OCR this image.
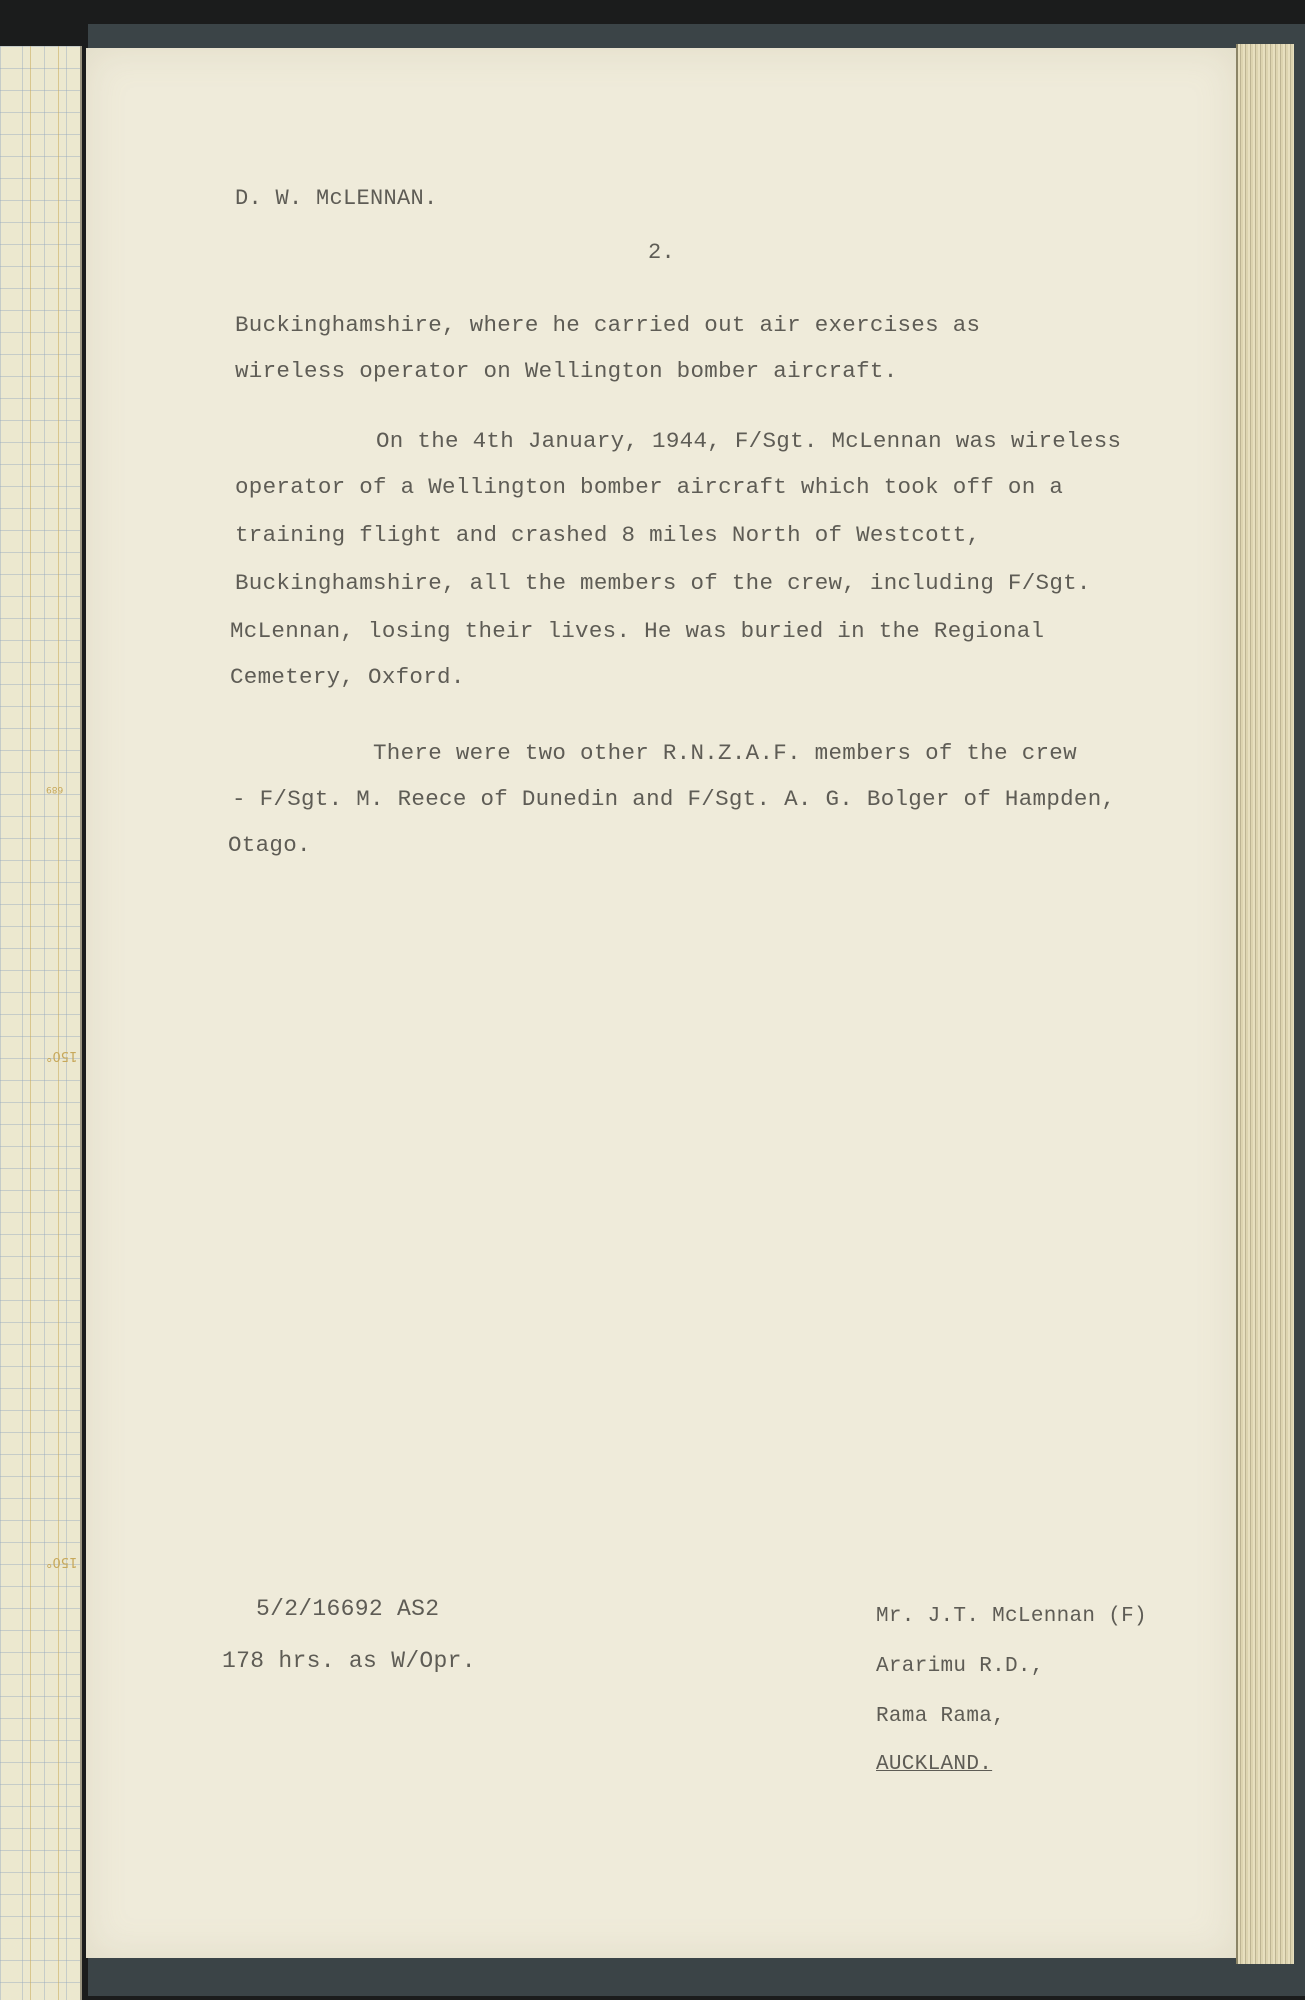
150°
150°
689
D. W. McLENNAN.
2.
Buckinghamshire, where he carried out air exercises as
wireless operator on Wellington bomber aircraft.
On the 4th January, 1944, F/Sgt. McLennan was wireless
operator of a Wellington bomber aircraft which took off on a
training flight and crashed 8 miles North of Westcott,
Buckinghamshire, all the members of the crew, including F/Sgt.
McLennan, losing their lives. He was buried in the Regional
Cemetery, Oxford.
There were two other R.N.Z.A.F. members of the crew
- F/Sgt. M. Reece of Dunedin and F/Sgt. A. G. Bolger of Hampden,
Otago.
5/2/16692 AS2
178 hrs. as W/Opr.
Mr. J.T. McLennan (F)
Ararimu R.D.,
Rama Rama,
AUCKLAND.
